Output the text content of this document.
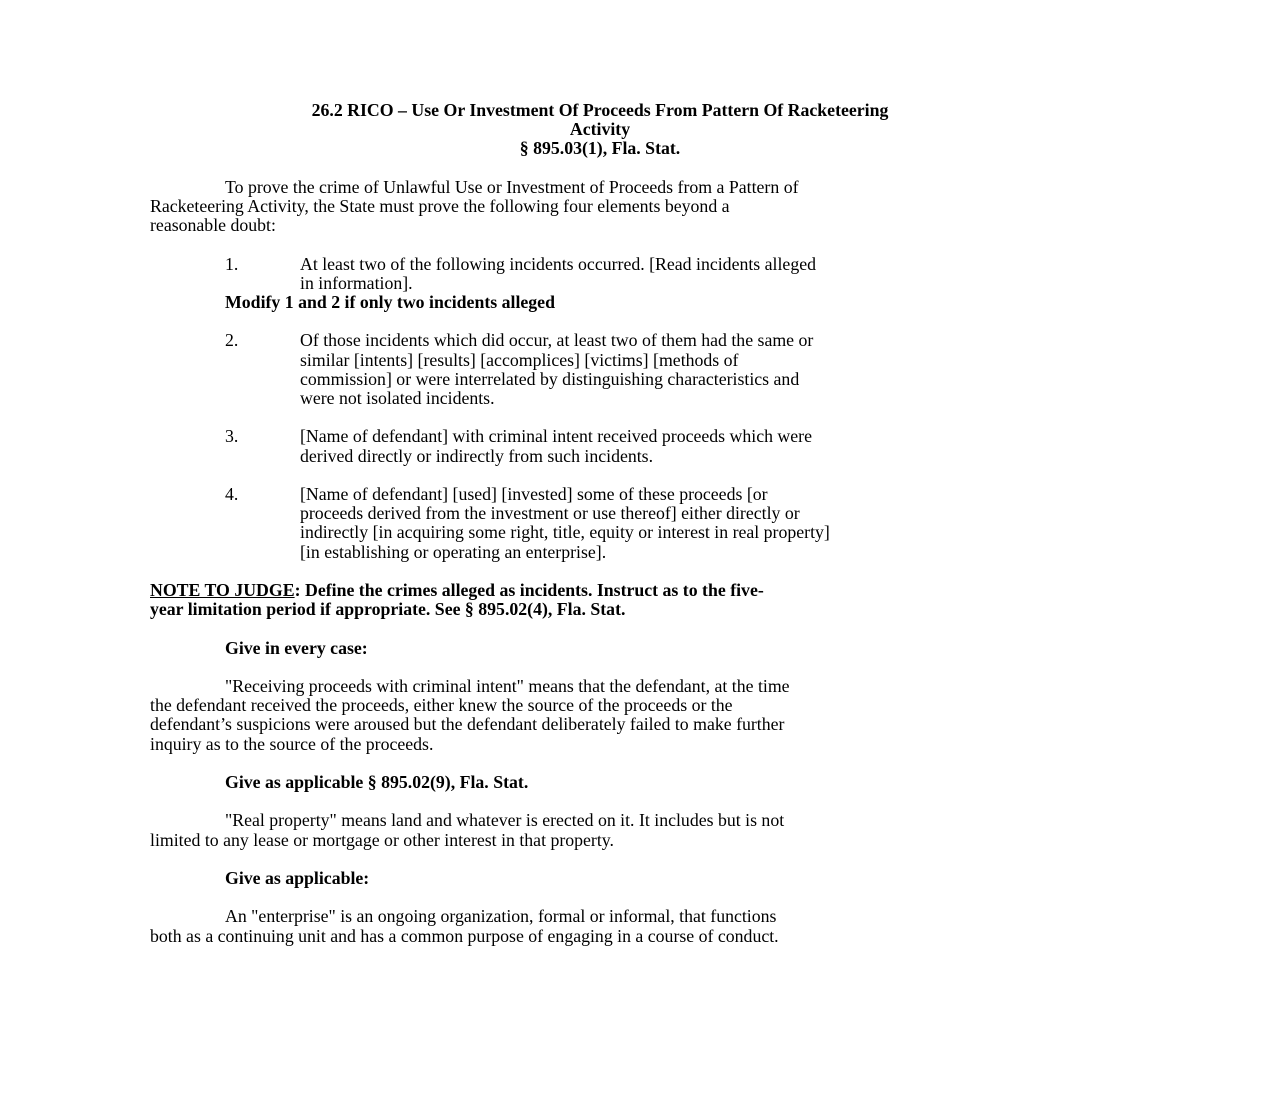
26.2 RICO – Use Or Investment Of Proceeds From Pattern Of Racketeering
Activity
§ 895.03(1), Fla. Stat.

To prove the crime of Unlawful Use or Investment of Proceeds from a Pattern of
Racketeering Activity, the State must prove the following four elements beyond a
reasonable doubt:

1.	At least two of the following incidents occurred. [Read incidents alleged
in information].

Modify 1 and 2 if only two incidents alleged

2.	Of those incidents which did occur, at least two of them had the same or
similar [intents] [results] [accomplices] [victims] [methods of
commission] or were interrelated by distinguishing characteristics and
were not isolated incidents.
3.	[Name of defendant] with criminal intent received proceeds which were
derived directly or indirectly from such incidents.
4.	[Name of defendant] [used] [invested] some of these proceeds [or
proceeds derived from the investment or use thereof] either directly or
indirectly [in acquiring some right, title, equity or interest in real property]
[in establishing or operating an enterprise].

NOTE TO JUDGE: Define the crimes alleged as incidents. Instruct as to the five-
year limitation period if appropriate. See § 895.02(4), Fla. Stat.

Give in every case:

"Receiving proceeds with criminal intent" means that the defendant, at the time
the defendant received the proceeds, either knew the source of the proceeds or the
defendant’s suspicions were aroused but the defendant deliberately failed to make further
inquiry as to the source of the proceeds.

Give as applicable § 895.02(9), Fla. Stat.

"Real property" means land and whatever is erected on it. It includes but is not
limited to any lease or mortgage or other interest in that property.

Give as applicable:

An "enterprise" is an ongoing organization, formal or informal, that functions
both as a continuing unit and has a common purpose of engaging in a course of conduct.
